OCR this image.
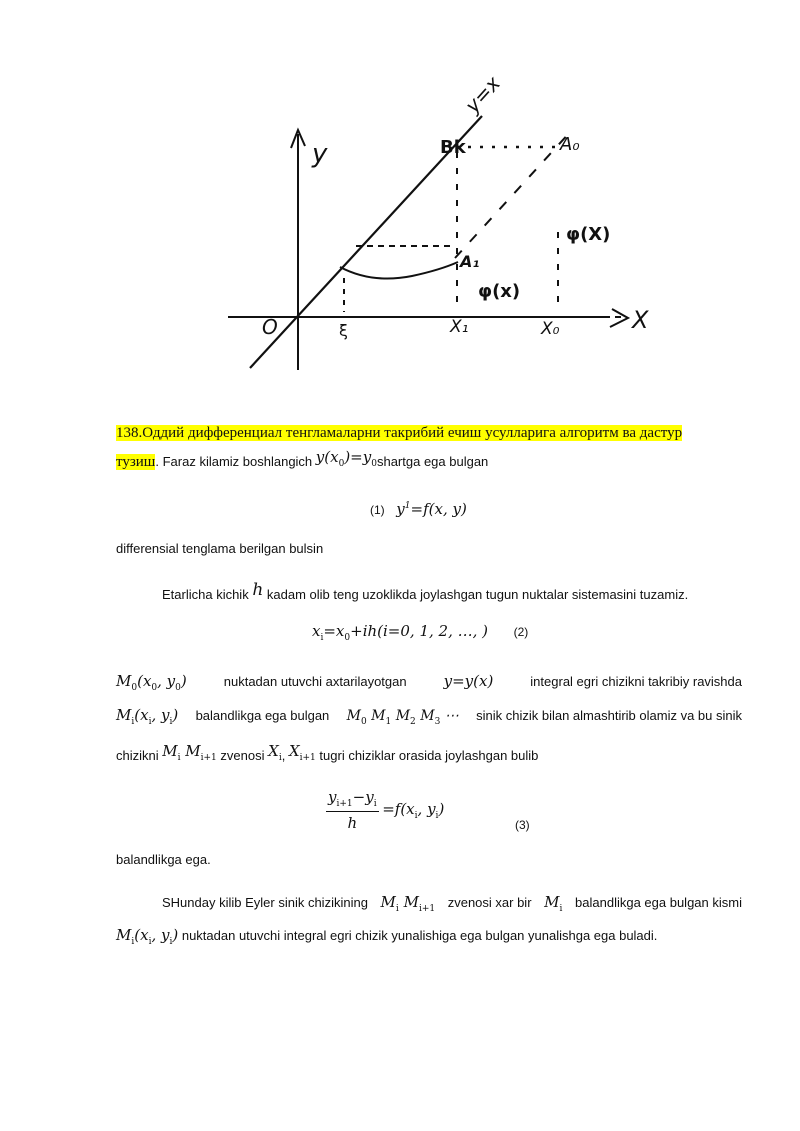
y
y=x
Bk	A₀
φ(X)
A₁
φ(x)
O	ξ	X₁	X₀	X
138.Оддий дифференциал тенгламаларни такрибий ечиш усулларига алгоритм ва дастур
тузиш. Faraz kilamiz boshlangich $y(x_0)=y_0shartga$ ega bulgan
(1) $y^1=f(x$, y)
differensial tenglama berilgan bulsin
Etarlicha kichik h kadam olib teng uzoklikda joylashgan tugun nuktalar sistemasini tuzamiz.
$x_i=x_0+ih(i=0$, 1, 2, …, ) (2)
$M_0(x_0$, $y_0$)	nuktadan utuvchi axtarilayotgan y=y(x)	integral egri chizikni takribiy ravishda
$M_i(x_i$, $y_i$) balandlikga ega bulgan $M_0$ $M_1$ $M_2$ $M_3$ ⋯ sinik chizik bilan almashtirib olamiz va bu sinik
chizikni $M_i$ $M_{i+1}$ zvenosi $X_i$, $X_{i+1}$ tugri chiziklar orasida joylashgan bulib
$\frac{y_{i+1}-y_i}{h} =f(x_i$, $y_i$)
(3)
balandlikga ega.
SHunday kilib Eyler sinik chizikining $M_i$ $M_{i+1}$ zvenosi xar bir $M_i$ balandlikga ega bulgan kismi
$M_i(x_i$, $y_i$) nuktadan utuvchi integral egri chizik yunalishiga ega bulgan yunalishga ega buladi.
